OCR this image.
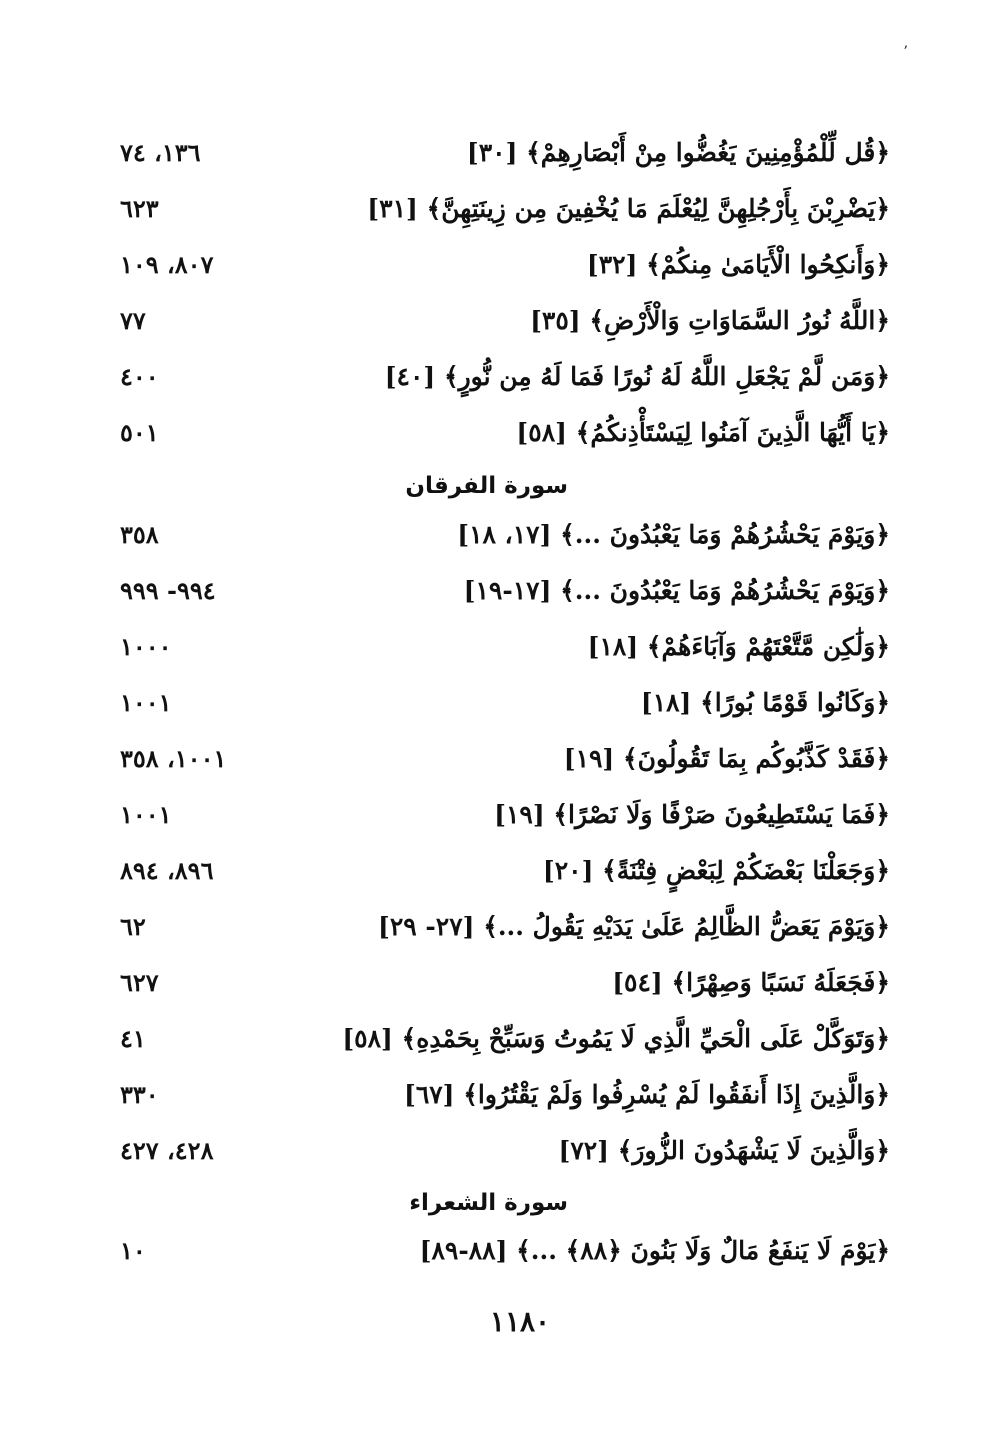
ʼ
﴿قُل لِّلْمُؤْمِنِينَ يَغُضُّوا مِنْ أَبْصَارِهِمْ﴾ [٣٠]
١٣٦، ٧٤
﴿يَضْرِبْنَ بِأَرْجُلِهِنَّ لِيُعْلَمَ مَا يُخْفِينَ مِن زِينَتِهِنَّ﴾ [٣١]
٦٢٣
﴿وَأَنكِحُوا الْأَيَامَىٰ مِنكُمْ﴾ [٣٢]
٨٠٧، ١٠٩
﴿اللَّهُ نُورُ السَّمَاوَاتِ وَالْأَرْضِ﴾ [٣٥]
٧٧
﴿وَمَن لَّمْ يَجْعَلِ اللَّهُ لَهُ نُورًا فَمَا لَهُ مِن نُّورٍ﴾ [٤٠]
٤٠٠
﴿يَا أَيُّهَا الَّذِينَ آمَنُوا لِيَسْتَأْذِنكُمُ﴾ [٥٨]
٥٠١
سورة الفرقان
﴿وَيَوْمَ يَحْشُرُهُمْ وَمَا يَعْبُدُونَ ...﴾ [١٧، ١٨]
٣٥٨
﴿وَيَوْمَ يَحْشُرُهُمْ وَمَا يَعْبُدُونَ ...﴾ [١٧-١٩]
٩٩٤- ٩٩٩
﴿وَلَٰكِن مَّتَّعْتَهُمْ وَآبَاءَهُمْ﴾ [١٨]
١٠٠٠
﴿وَكَانُوا قَوْمًا بُورًا﴾ [١٨]
١٠٠١
﴿فَقَدْ كَذَّبُوكُم بِمَا تَقُولُونَ﴾ [١٩]
١٠٠١، ٣٥٨
﴿فَمَا يَسْتَطِيعُونَ صَرْفًا وَلَا نَصْرًا﴾ [١٩]
١٠٠١
﴿وَجَعَلْنَا بَعْضَكُمْ لِبَعْضٍ فِتْنَةً﴾ [٢٠]
٨٩٦، ٨٩٤
﴿وَيَوْمَ يَعَضُّ الظَّالِمُ عَلَىٰ يَدَيْهِ يَقُولُ ...﴾ [٢٧- ٢٩]
٦٢
﴿فَجَعَلَهُ نَسَبًا وَصِهْرًا﴾ [٥٤]
٦٢٧
﴿وَتَوَكَّلْ عَلَى الْحَيِّ الَّذِي لَا يَمُوتُ وَسَبِّحْ بِحَمْدِهِ﴾ [٥٨]
٤١
﴿وَالَّذِينَ إِذَا أَنفَقُوا لَمْ يُسْرِفُوا وَلَمْ يَقْتُرُوا﴾ [٦٧]
٣٣٠
﴿وَالَّذِينَ لَا يَشْهَدُونَ الزُّورَ﴾ [٧٢]
٤٢٨، ٤٢٧
سورة الشعراء
﴿يَوْمَ لَا يَنفَعُ مَالٌ وَلَا بَنُونَ ﴿٨٨﴾ ...﴾ [٨٨-٨٩]
١٠
١١٨٠
